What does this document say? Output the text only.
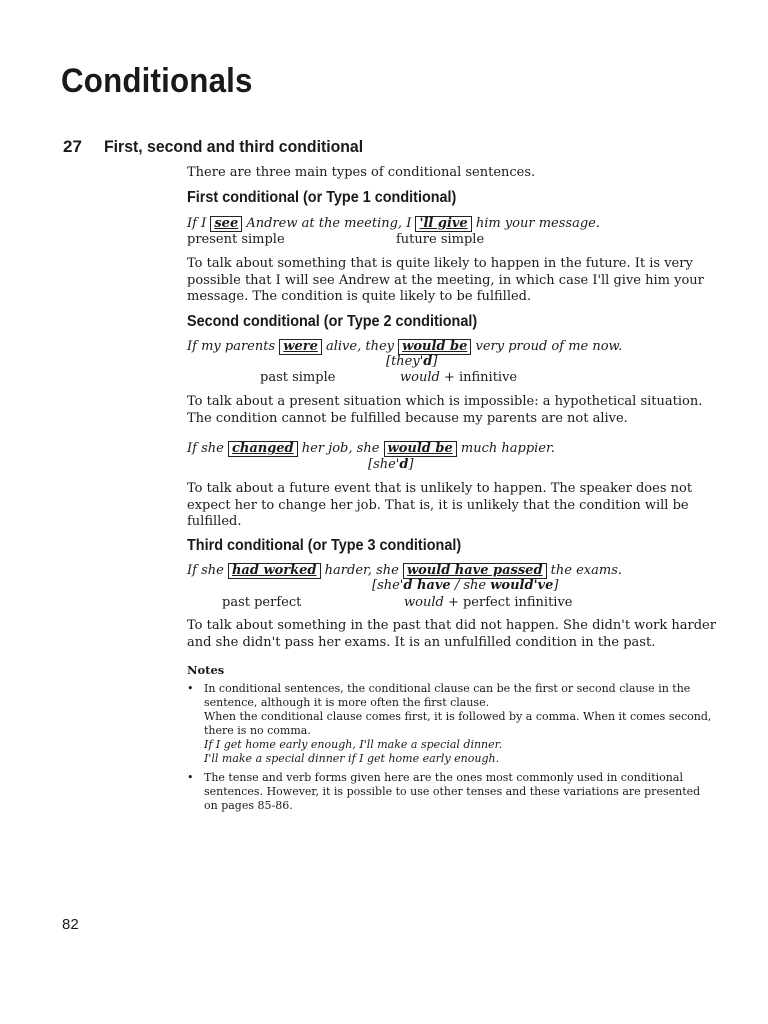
Conditionals
27 First, second and third conditional
There are three main types of conditional sentences.
First conditional (or Type 1 conditional)
If I see Andrew at the meeting, I 'll give him your message.
present simple	future simple
To talk about something that is quite likely to happen in the future. It is very possible that I will see Andrew at the meeting, in which case I'll give him your message. The condition is quite likely to be fulfilled.
Second conditional (or Type 2 conditional)
If my parents were alive, they would be very proud of me now.
[they'd]
past simple	would + infinitive
To talk about a present situation which is impossible: a hypothetical situation. The condition cannot be fulfilled because my parents are not alive.
If she changed her job, she would be much happier.
[she'd]
To talk about a future event that is unlikely to happen. The speaker does not expect her to change her job. That is, it is unlikely that the condition will be fulfilled.
Third conditional (or Type 3 conditional)
If she had worked harder, she would have passed the exams.
[she'd have / she would've]
past perfect	would + perfect infinitive
To talk about something in the past that did not happen. She didn't work harder and she didn't pass her exams. It is an unfulfilled condition in the past.
Notes
• In conditional sentences, the conditional clause can be the first or second clause in the sentence, although it is more often the first clause.
When the conditional clause comes first, it is followed by a comma. When it comes second, there is no comma.
If I get home early enough, I'll make a special dinner.
I'll make a special dinner if I get home early enough.
• The tense and verb forms given here are the ones most commonly used in conditional sentences. However, it is possible to use other tenses and these variations are presented on pages 85-86.
82
